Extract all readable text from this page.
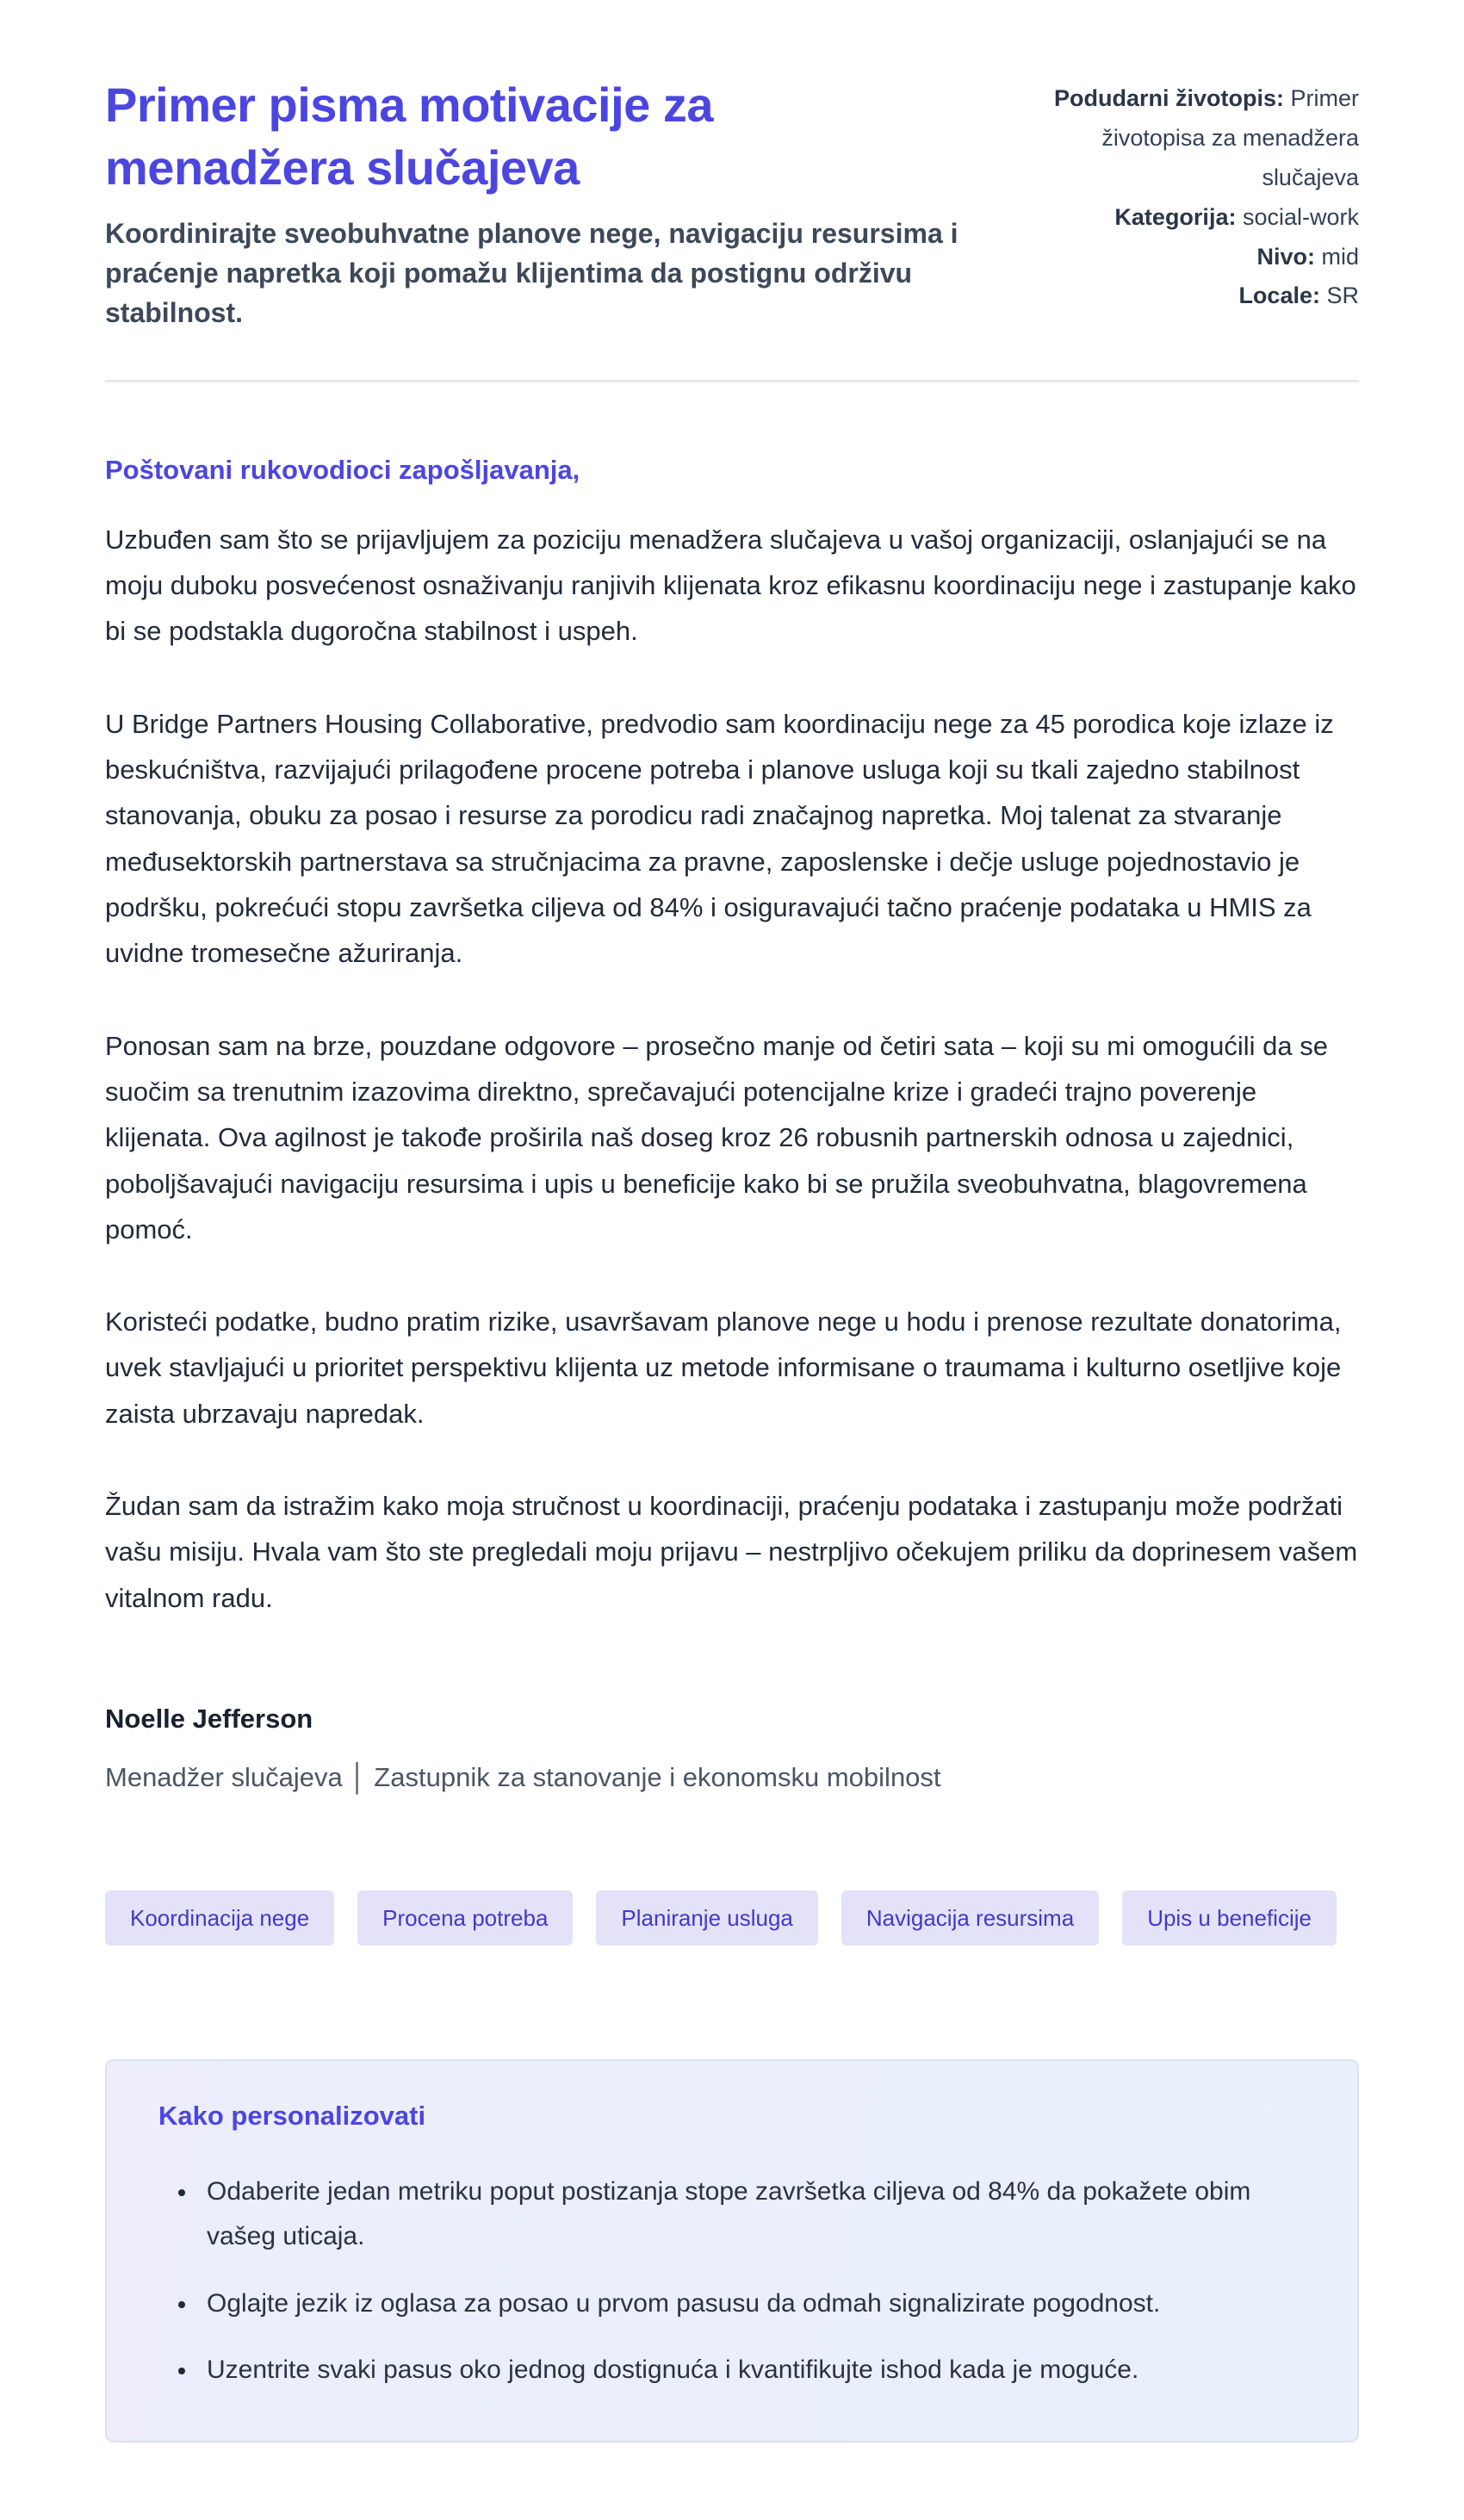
Primer pisma motivacije za menadžera slučajeva

Koordinirajte sveobuhvatne planove nege, navigaciju resursima i praćenje napretka koji pomažu klijentima da postignu održivu stabilnost.

Podudarni životopis: Primer životopisa za menadžera slučajeva
Kategorija: social-work
Nivo: mid
Locale: SR

Poštovani rukovodioci zapošljavanja,

Uzbuđen sam što se prijavljujem za poziciju menadžera slučajeva u vašoj organizaciji, oslanjajući se na moju duboku posvećenost osnaživanju ranjivih klijenata kroz efikasnu koordinaciju nege i zastupanje kako bi se podstakla dugoročna stabilnost i uspeh.

U Bridge Partners Housing Collaborative, predvodio sam koordinaciju nege za 45 porodica koje izlaze iz beskućništva, razvijajući prilagođene procene potreba i planove usluga koji su tkali zajedno stabilnost stanovanja, obuku za posao i resurse za porodicu radi značajnog napretka. Moj talenat za stvaranje međusektorskih partnerstava sa stručnjacima za pravne, zaposlenske i dečje usluge pojednostavio je podršku, pokrećući stopu završetka ciljeva od 84% i osiguravajući tačno praćenje podataka u HMIS za uvidne tromesečne ažuriranja.

Ponosan sam na brze, pouzdane odgovore – prosečno manje od četiri sata – koji su mi omogućili da se suočim sa trenutnim izazovima direktno, sprečavajući potencijalne krize i gradeći trajno poverenje klijenata. Ova agilnost je takođe proširila naš doseg kroz 26 robusnih partnerskih odnosa u zajednici, poboljšavajući navigaciju resursima i upis u beneficije kako bi se pružila sveobuhvatna, blagovremena pomoć.

Koristeći podatke, budno pratim rizike, usavršavam planove nege u hodu i prenose rezultate donatorima, uvek stavljajući u prioritet perspektivu klijenta uz metode informisane o traumama i kulturno osetljive koje zaista ubrzavaju napredak.

Žudan sam da istražim kako moja stručnost u koordinaciji, praćenju podataka i zastupanju može podržati vašu misiju. Hvala vam što ste pregledali moju prijavu – nestrpljivo očekujem priliku da doprinesem vašem vitalnom radu.

Noelle Jefferson

Menadžer slučajeva │ Zastupnik za stanovanje i ekonomsku mobilnost

Koordinacija nege	Procena potreba	Planiranje usluga	Navigacija resursima	Upis u beneficije
Kako personalizovati
• Odaberite jedan metriku poput postizanja stope završetka ciljeva od 84% da pokažete obim vašeg uticaja.
• Oglajte jezik iz oglasa za posao u prvom pasusu da odmah signalizirate pogodnost.
• Uzentrite svaki pasus oko jednog dostignuća i kvantifikujte ishod kada je moguće.
